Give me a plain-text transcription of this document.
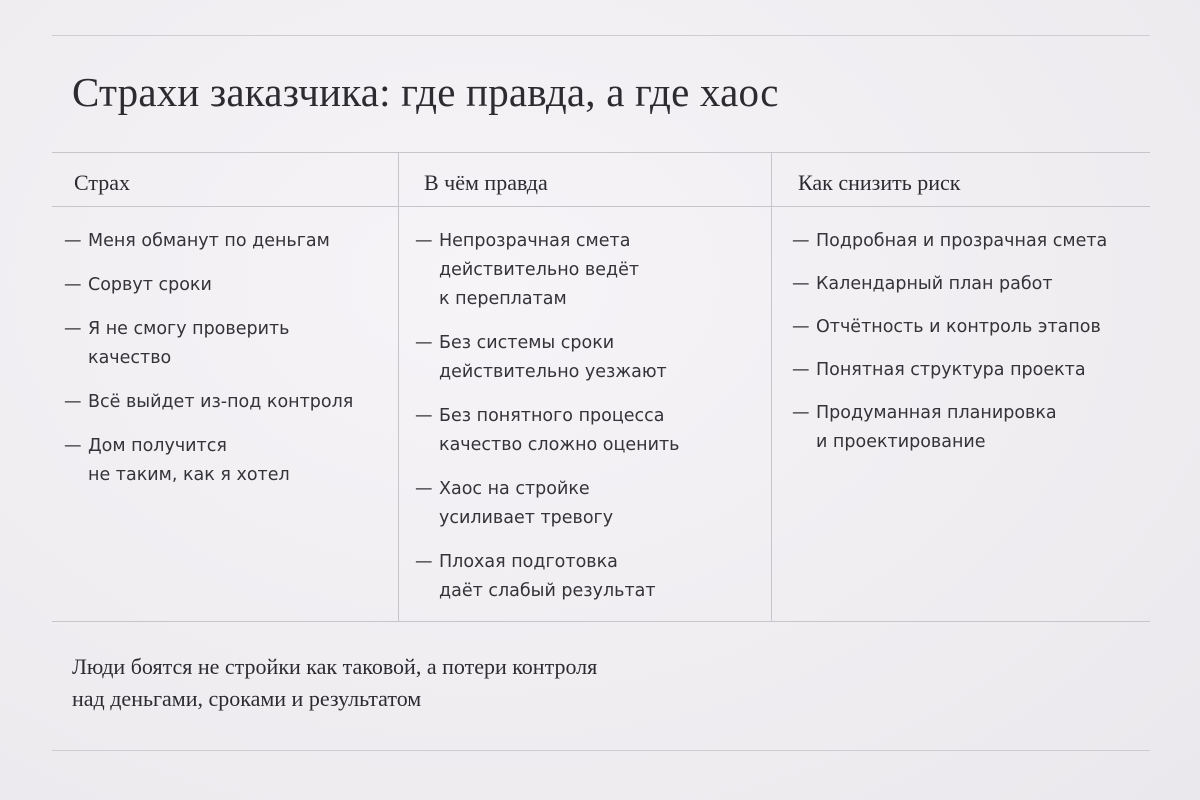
Страхи заказчика: где правда, а где хаос
Страх
— Меня обманут по деньгам
— Сорвут сроки
— Я не смогу проверить
качество
— Всё выйдет из-под контроля
— Дом получится
не таким, как я хотел
В чём правда
— Непрозрачная смета
действительно ведёт
к переплатам
— Без системы сроки
действительно уезжают
— Без понятного процесса
качество сложно оценить
— Хаос на стройке
усиливает тревогу
— Плохая подготовка
даёт слабый результат
Как снизить риск
— Подробная и прозрачная смета
— Календарный план работ
— Отчётность и контроль этапов
— Понятная структура проекта
— Продуманная планировка
и проектирование

Люди боятся не стройки как таковой, а потери контроля
над деньгами, сроками и результатом
